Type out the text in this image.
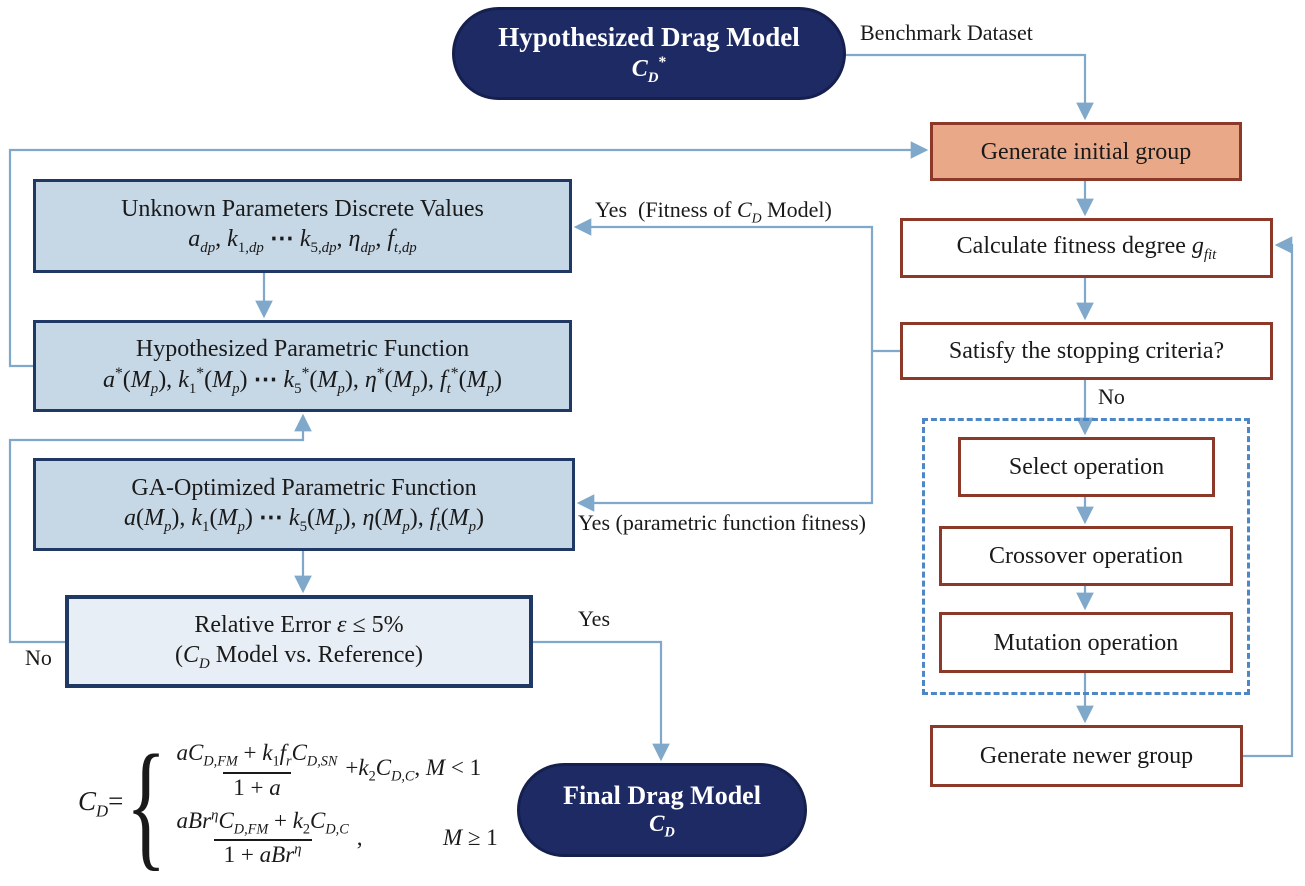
Hypothesized Drag Model
$C_D^*$
Unknown Parameters Discrete Values
$a_{dp}$, $k_{1,dp}$ ⋯ $k_{5,dp}$, $\eta_{dp}$, $f_{t,dp}$
Hypothesized Parametric Function
$a^*(M_p)$, $k_1^*(M_p)$ ⋯ $k_5^*(M_p)$, $\eta^*(M_p)$, $f_t^*(M_p)$
GA-Optimized Parametric Function
$a(M_p)$, $k_1(M_p)$ ⋯ $k_5(M_p)$, $\eta(M_p)$, $f_t(M_p)$
Relative Error ε ≤ 5%
($C_D$ Model vs. Reference)
Generate initial group
Calculate fitness degree $g_{fit}$
Satisfy the stopping criteria?
Select operation
Crossover operation
Mutation operation
Generate newer group
Final Drag Model
$C_D$
Benchmark Dataset
Yes  (Fitness of $C_D$ Model)
Yes (parametric function fitness)
No
No
Yes
$C_D=$ { $\frac{aC_{D,FM} + k_1f_rC_{D,SN}}{1 + a} +k_2C_{D,C}$, M < 1
$\frac{aBr^\eta C_{D,FM} + k_2C_{D,C}}{1 + aBr^\eta}$ ,    M ≥ 1
